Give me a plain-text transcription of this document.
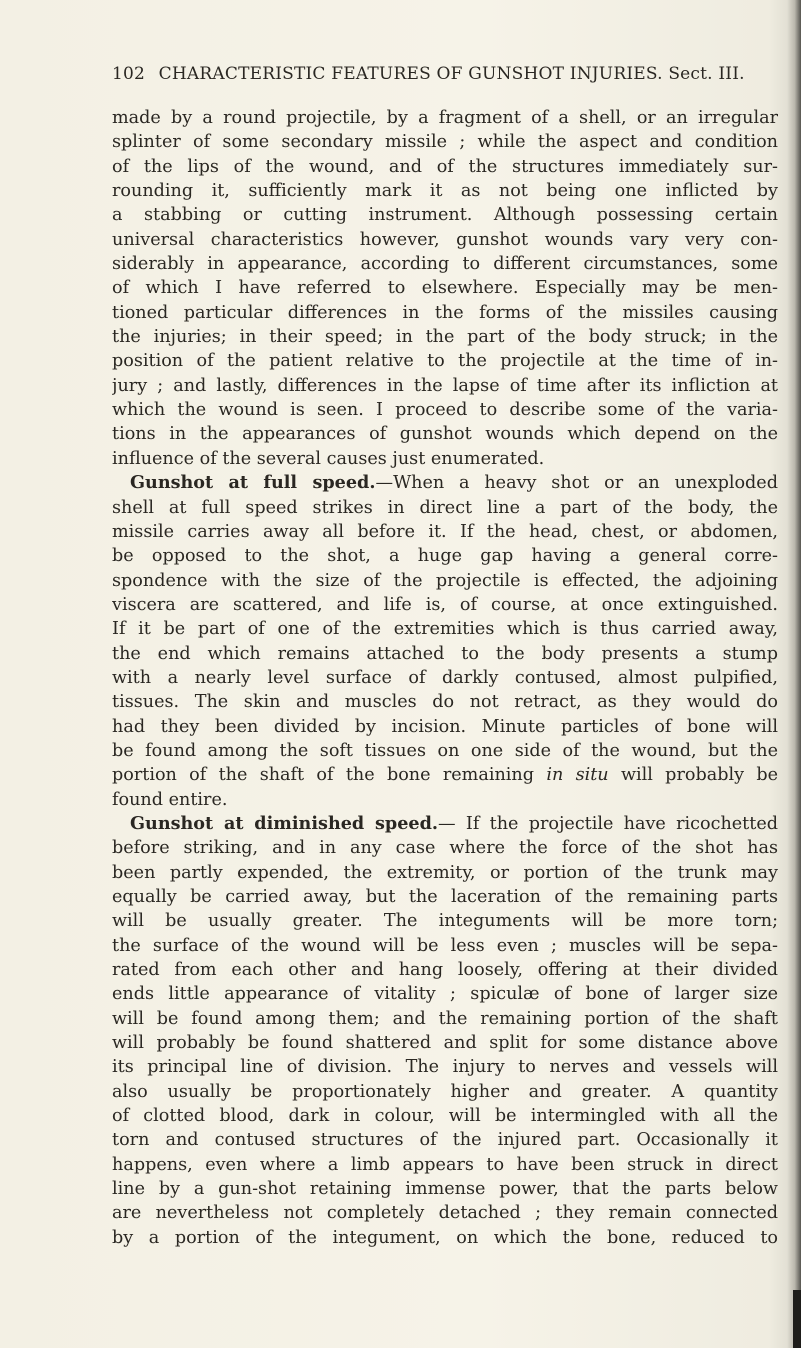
102 CHARACTERISTIC FEATURES OF GUNSHOT INJURIES. Sect. III.
made by a round projectile, by a fragment of a shell, or an irregular
splinter of some secondary missile ; while the aspect and condition
of the lips of the wound, and of the structures immediately sur-
rounding it, sufficiently mark it as not being one inflicted by
a stabbing or cutting instrument. Although possessing certain
universal characteristics however, gunshot wounds vary very con-
siderably in appearance, according to different circumstances, some
of which I have referred to elsewhere. Especially may be men-
tioned particular differences in the forms of the missiles causing
the injuries; in their speed; in the part of the body struck; in the
position of the patient relative to the projectile at the time of in-
jury ; and lastly, differences in the lapse of time after its infliction at
which the wound is seen. I proceed to describe some of the varia-
tions in the appearances of gunshot wounds which depend on the
influence of the several causes just enumerated.
Gunshot at full speed.—When a heavy shot or an unexploded
shell at full speed strikes in direct line a part of the body, the
missile carries away all before it. If the head, chest, or abdomen,
be opposed to the shot, a huge gap having a general corre-
spondence with the size of the projectile is effected, the adjoining
viscera are scattered, and life is, of course, at once extinguished.
If it be part of one of the extremities which is thus carried away,
the end which remains attached to the body presents a stump
with a nearly level surface of darkly contused, almost pulpified,
tissues. The skin and muscles do not retract, as they would do
had they been divided by incision. Minute particles of bone will
be found among the soft tissues on one side of the wound, but the
portion of the shaft of the bone remaining in situ will probably be
found entire.
Gunshot at diminished speed.— If the projectile have ricochetted
before striking, and in any case where the force of the shot has
been partly expended, the extremity, or portion of the trunk may
equally be carried away, but the laceration of the remaining parts
will be usually greater. The integuments will be more torn;
the surface of the wound will be less even ; muscles will be sepa-
rated from each other and hang loosely, offering at their divided
ends little appearance of vitality ; spiculæ of bone of larger size
will be found among them; and the remaining portion of the shaft
will probably be found shattered and split for some distance above
its principal line of division. The injury to nerves and vessels will
also usually be proportionately higher and greater. A quantity
of clotted blood, dark in colour, will be intermingled with all the
torn and contused structures of the injured part. Occasionally it
happens, even where a limb appears to have been struck in direct
line by a gun-shot retaining immense power, that the parts below
are nevertheless not completely detached ; they remain connected
by a portion of the integument, on which the bone, reduced to
